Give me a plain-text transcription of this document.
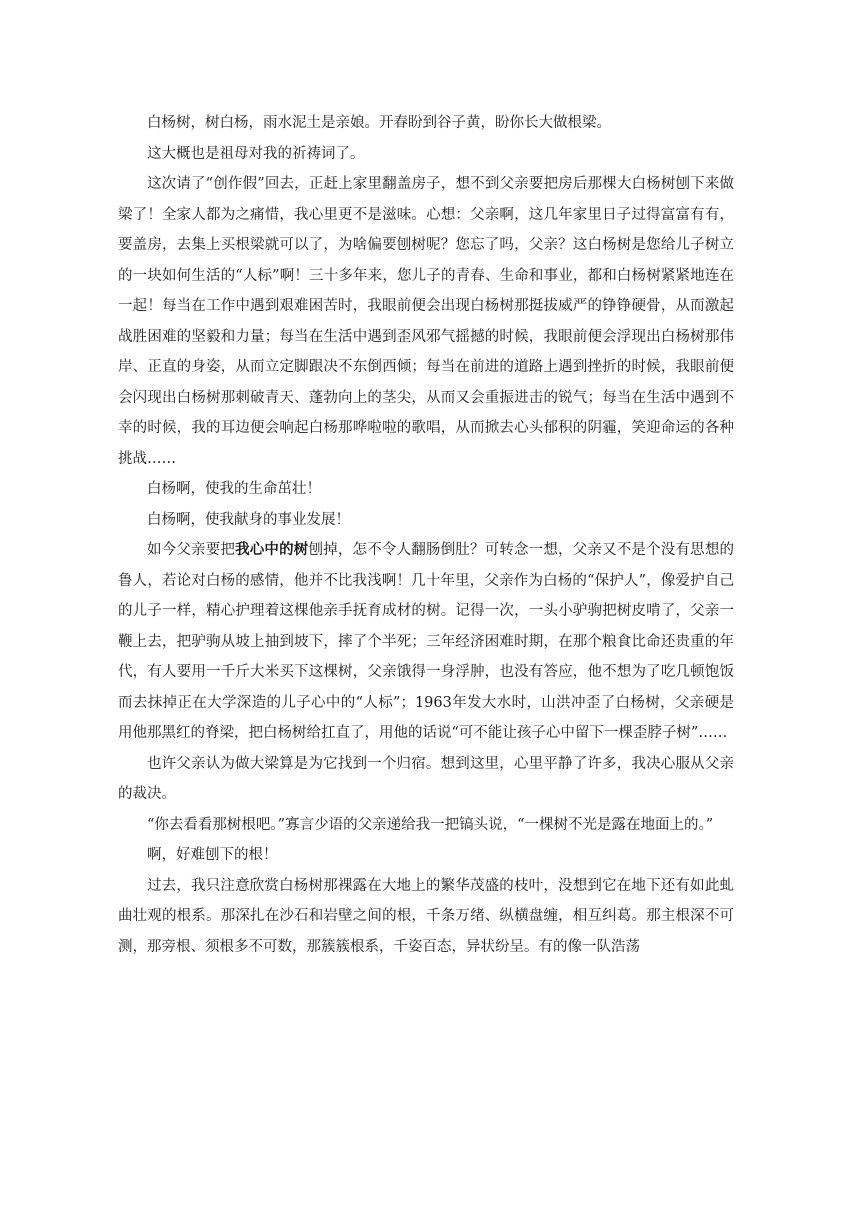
白杨树，树白杨，雨水泥土是亲娘。开春盼到谷子黄，盼你长大做根梁。

这大概也是祖母对我的祈祷词了。

这次请了“创作假”回去，正赶上家里翻盖房子，想不到父亲要把房后那棵大白杨树刨下来做梁了！全家人都为之痛惜，我心里更不是滋味。心想：父亲啊，这几年家里日子过得富富有有，要盖房，去集上买根梁就可以了，为啥偏要刨树呢？您忘了吗，父亲？这白杨树是您给儿子树立的一块如何生活的“人标”啊！三十多年来，您儿子的青春、生命和事业，都和白杨树紧紧地连在一起！每当在工作中遇到艰难困苦时，我眼前便会出现白杨树那挺拔威严的铮铮硬骨，从而激起战胜困难的坚毅和力量；每当在生活中遇到歪风邪气摇撼的时候，我眼前便会浮现出白杨树那伟岸、正直的身姿，从而立定脚跟决不东倒西倾；每当在前进的道路上遇到挫折的时候，我眼前便会闪现出白杨树那刺破青天、蓬勃向上的茎尖，从而又会重振进击的锐气；每当在生活中遇到不幸的时候，我的耳边便会响起白杨那哗啦啦的歌唱，从而掀去心头郁积的阴霾，笑迎命运的各种挑战……

白杨啊，使我的生命茁壮！

白杨啊，使我献身的事业发展！

如今父亲要把我心中的树刨掉，怎不令人翻肠倒肚？可转念一想，父亲又不是个没有思想的鲁人，若论对白杨的感情，他并不比我浅啊！几十年里，父亲作为白杨的“保护人”，像爱护自己的儿子一样，精心护理着这棵他亲手抚育成材的树。记得一次，一头小驴驹把树皮啃了，父亲一鞭上去，把驴驹从坡上抽到坡下，摔了个半死；三年经济困难时期，在那个粮食比命还贵重的年代，有人要用一千斤大米买下这棵树，父亲饿得一身浮肿，也没有答应，他不想为了吃几顿饱饭而去抹掉正在大学深造的儿子心中的“人标”；1963年发大水时，山洪冲歪了白杨树，父亲硬是用他那黑红的脊梁，把白杨树给扛直了，用他的话说“可不能让孩子心中留下一棵歪脖子树”……

也许父亲认为做大梁算是为它找到一个归宿。想到这里，心里平静了许多，我决心服从父亲的裁决。

“你去看看那树根吧。”寡言少语的父亲递给我一把镐头说，“一棵树不光是露在地面上的。”

啊，好难刨下的根！

过去，我只注意欣赏白杨树那裸露在大地上的繁华茂盛的枝叶，没想到它在地下还有如此虬曲壮观的根系。那深扎在沙石和岩壁之间的根，千条万绪、纵横盘缠，相互纠葛。那主根深不可测，那旁根、须根多不可数，那簇簇根系，千姿百态，异状纷呈。有的像一队浩荡
